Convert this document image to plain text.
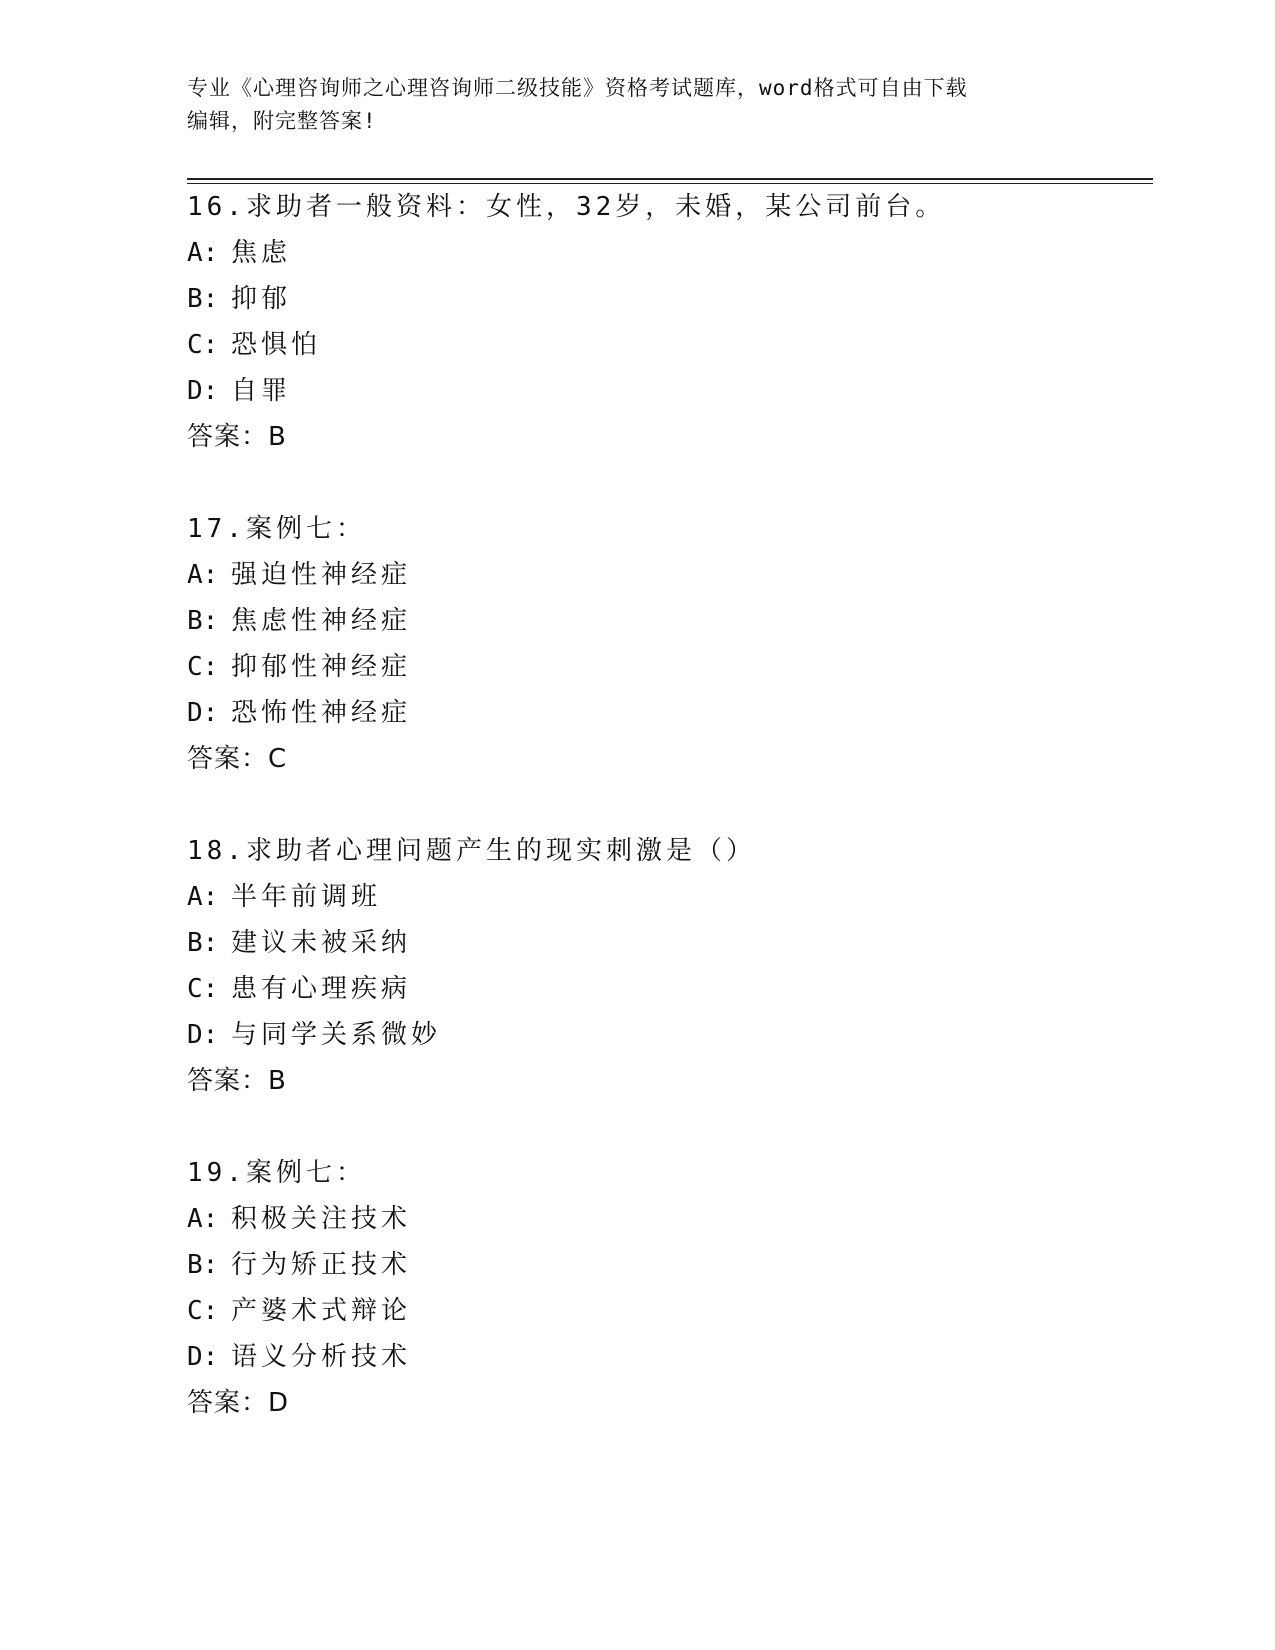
专业《心理咨询师之心理咨询师二级技能》资格考试题库，word格式可自由下载
编辑，附完整答案!
16.求助者一般资料：女性，32岁，未婚，某公司前台。
A: 焦虑
B: 抑郁
C: 恐惧怕
D: 自罪
答案：B
17.案例七：
A: 强迫性神经症
B: 焦虑性神经症
C: 抑郁性神经症
D: 恐怖性神经症
答案：C
18.求助者心理问题产生的现实刺激是（）
A: 半年前调班
B: 建议未被采纳
C: 患有心理疾病
D: 与同学关系微妙
答案：B
19.案例七：
A: 积极关注技术
B: 行为矫正技术
C: 产婆术式辩论
D: 语义分析技术
答案：D
